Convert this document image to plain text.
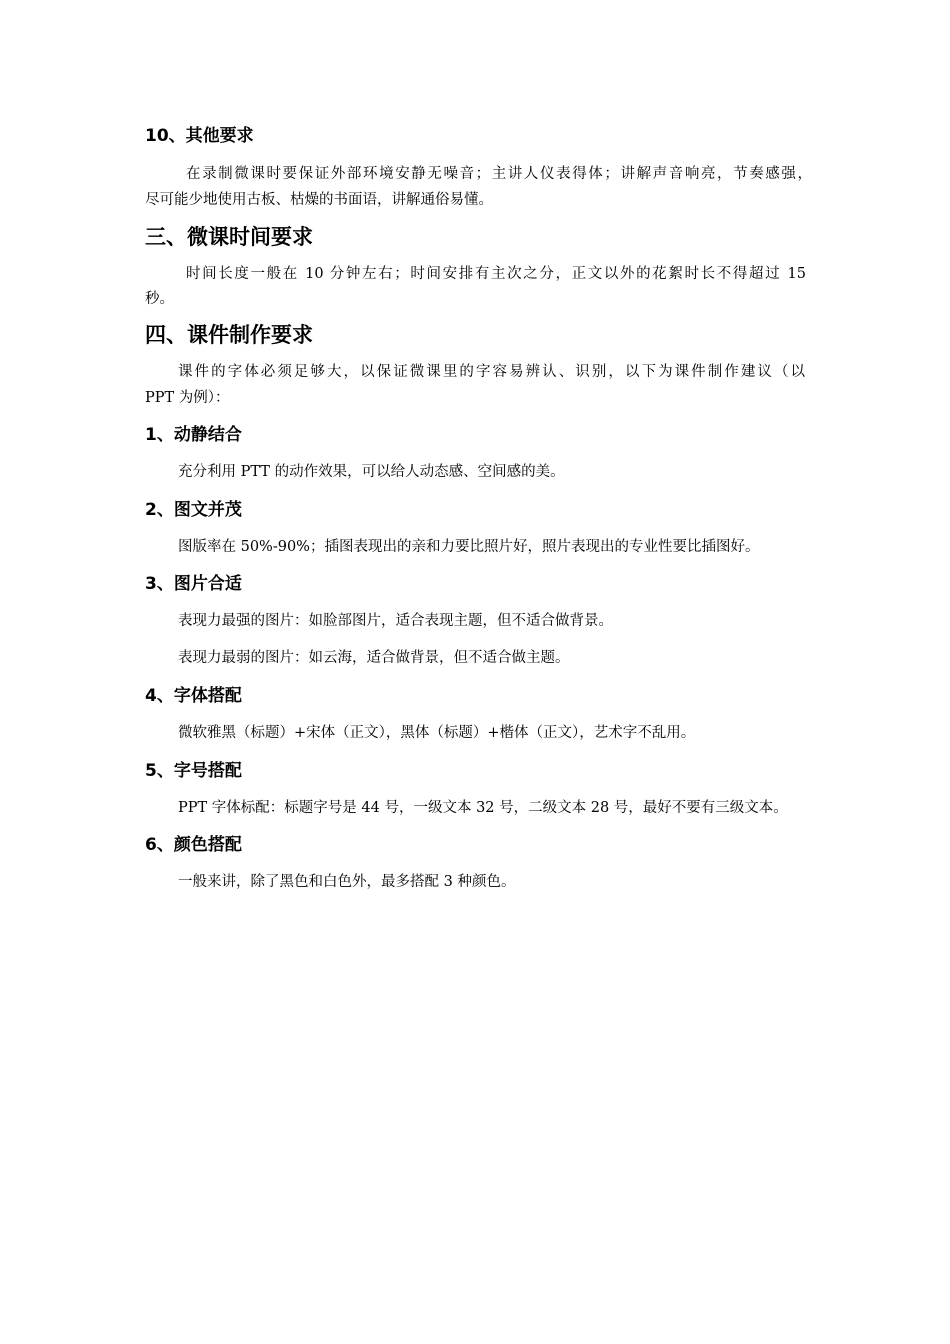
10、其他要求
在录制微课时要保证外部环境安静无噪音；主讲人仪表得体；讲解声音响亮，节奏感强，
尽可能少地使用古板、枯燥的书面语，讲解通俗易懂。
三、微课时间要求
时间长度一般在 10 分钟左右；时间安排有主次之分，正文以外的花絮时长不得超过 15
秒。
四、课件制作要求
课件的字体必须足够大，以保证微课里的字容易辨认、识别，以下为课件制作建议（以
PPT 为例）：
1、动静结合
充分利用 PTT 的动作效果，可以给人动态感、空间感的美。
2、图文并茂
图版率在 50%-90%；插图表现出的亲和力要比照片好，照片表现出的专业性要比插图好。
3、图片合适
表现力最强的图片：如脸部图片，适合表现主题，但不适合做背景。
表现力最弱的图片：如云海，适合做背景，但不适合做主题。
4、字体搭配
微软雅黑（标题）+宋体（正文），黑体（标题）+楷体（正文），艺术字不乱用。
5、字号搭配
PPT 字体标配：标题字号是 44 号，一级文本 32 号，二级文本 28 号，最好不要有三级文本。
6、颜色搭配
一般来讲，除了黑色和白色外，最多搭配 3 种颜色。
